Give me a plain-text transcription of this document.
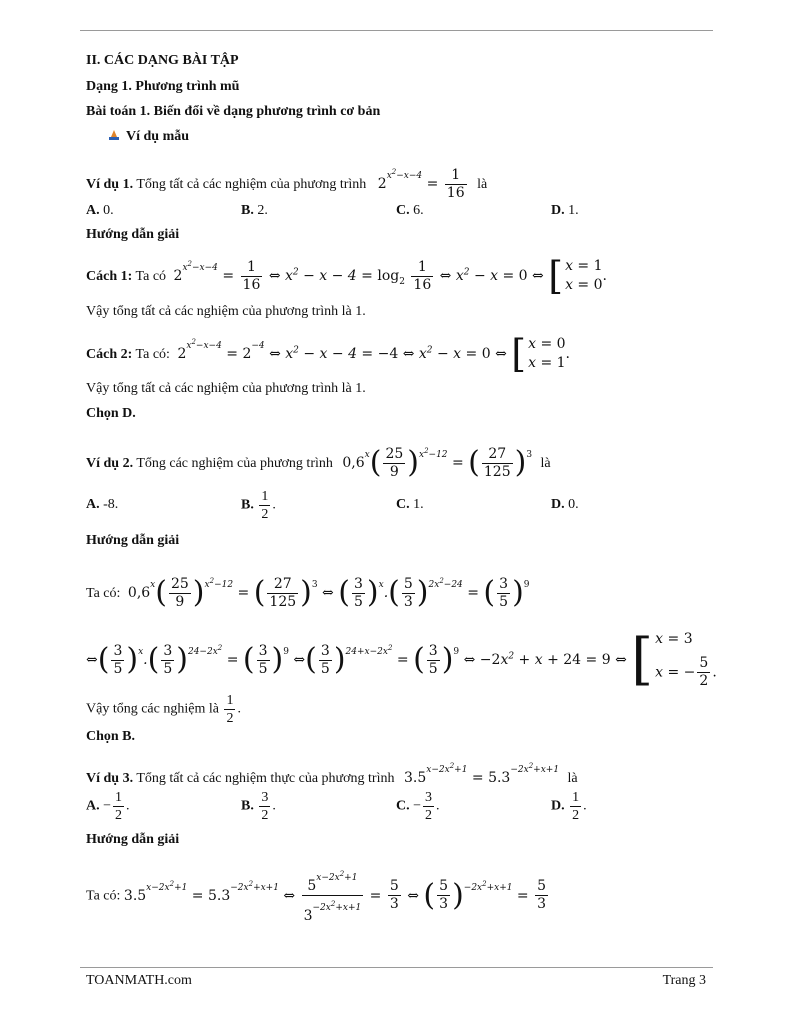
II. CÁC DẠNG BÀI TẬP
Dạng 1. Phương trình mũ
Bài toán 1. Biến đổi về dạng phương trình cơ bản
Ví dụ mẫu
Ví dụ 1. Tổng tất cả các nghiệm của phương trình $2^{x^2-x-4} = \frac{1}{16}$ là
A. 0.	B. 2.	C. 6.	D. 1.
Hướng dẫn giải
Cách 1: Ta có $2^{x^2-x-4} = \frac{1}{16}$ ⇔ $x^2 - x - 4 = \log_2 \frac{1}{16}$ ⇔ $x^2 - x = 0$ ⇔ [ x = 1
x = 0
.
Vậy tổng tất cả các nghiệm của phương trình là 1.
Cách 2: Ta có: $2^{x^2-x-4} = 2^{-4}$ ⇔ $x^2 - x - 4 = -4$ ⇔ $x^2 - x = 0$ ⇔ [ x = 0
x = 1
.
Vậy tổng tất cả các nghiệm của phương trình là 1.
Chọn D.
Ví dụ 2. Tổng các nghiệm của phương trình $0,6^x( \frac{25}{9} )^{x^2-12}$ = ( $\frac{27}{125} )^3$ là
A. -8.	B. $\frac{1}{2}$ .	C. 1.	D. 0.
Hướng dẫn giải
Ta có: $0,6^x( \frac{25}{9} )^{x^2-12}$ = ( $\frac{27}{125} )^3$ ⇔ ( $\frac{3}{5} )^x.( \frac{5}{3} )^{2x^2-24}$ = ( $\frac{3}{5} )^9$
⇔( $\frac{3}{5} )^x.( \frac{3}{5} )^{24-2x^2}$ = ( $\frac{3}{5} )^9$ ⇔( $\frac{3}{5} )^{24+x-2x^2}$ = ( $\frac{3}{5} )^9$ ⇔ $-2x^2 + x + 24 = 9$ ⇔ [ x = 3
x = − $\frac{5}{2}$ .
Vậy tổng các nghiệm là $\frac{1}{2}$ .
Chọn B.
Ví dụ 3. Tổng tất cả các nghiệm thực của phương trình $3.5^{x-2x^2+1} = 5.3^{-2x^2+x+1}$ là
A. − $\frac{1}{2}$ .	B. $\frac{3}{2}$ .	C. − $\frac{3}{2}$ .	D. $\frac{1}{2}$ .
Hướng dẫn giải
Ta có: $3.5^{x-2x^2+1} = 5.3^{-2x^2+x+1}$ ⇔ $\frac{5^{x-2x^2+1}}{3^{-2x^2+x+1}} = \frac{5}{3}$ ⇔ ( $\frac{5}{3} )^{-2x^2+x+1} = \frac{5}{3}$
TOANMATH.com	Trang 3
